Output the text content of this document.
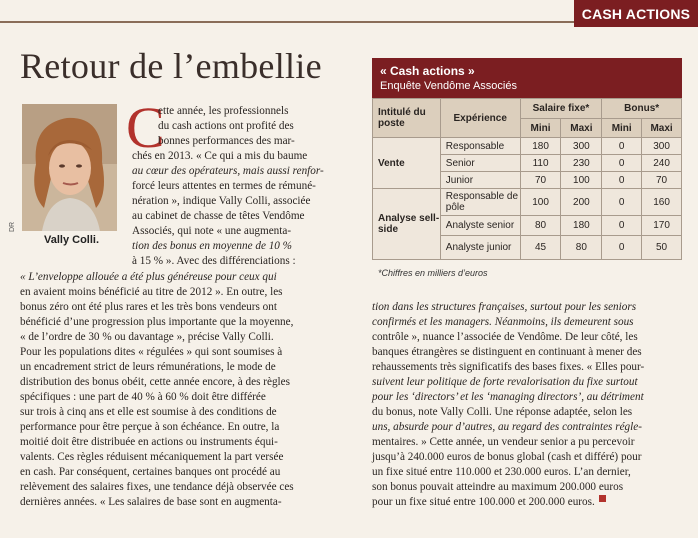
CASH ACTIONS
Retour de l’embellie
DR
Vally Colli.
C
ette année, les professionnels
du cash actions ont profité des
bonnes performances des mar-
chés en 2013. « Ce qui a mis du baume
au cœur des opérateurs, mais aussi renfor-
forcé leurs attentes en termes de rémuné-
nération », indique Vally Colli, associée
au cabinet de chasse de têtes Vendôme
Associés, qui note « une augmenta-
tion des bonus en moyenne de 10 %
à 15 % ». Avec des différenciations :
« L’enveloppe allouée a été plus généreuse pour ceux qui
en avaient moins bénéficié au titre de 2012 ». En outre, les
bonus zéro ont été plus rares et les très bons vendeurs ont
bénéficié d’une progression plus importante que la moyenne,
« de l’ordre de 30 % ou davantage », précise Vally Colli.
Pour les populations dites « régulées » qui sont soumises à
un encadrement strict de leurs rémunérations, le mode de
distribution des bonus obéit, cette année encore, à des règles
spécifiques : une part de 40 % à 60 % doit être différée
sur trois à cinq ans et elle est soumise à des conditions de
performance pour être perçue à son échéance. En outre, la
moitié doit être distribuée en actions ou instruments équi-
valents. Ces règles réduisent mécaniquement la part versée
en cash. Par conséquent, certaines banques ont procédé au
relèvement des salaires fixes, une tendance déjà observée ces
dernières années. « Les salaires de base sont en augmenta-
tion dans les structures françaises, surtout pour les seniors
confirmés et les managers. Néanmoins, ils demeurent sous
contrôle », nuance l’associée de Vendôme. De leur côté, les
banques étrangères se distinguent en continuant à mener des
rehaussements très significatifs des bases fixes. « Elles pour-
suivent leur politique de forte revalorisation du fixe surtout
pour les ‘directors’ et les ‘managing directors’, au détriment
du bonus, note Vally Colli. Une réponse adaptée, selon les
uns, absurde pour d’autres, au regard des contraintes régle-
mentaires. » Cette année, un vendeur senior a pu percevoir
jusqu’à 240.000 euros de bonus global (cash et différé) pour
un fixe situé entre 110.000 et 230.000 euros. L’an dernier,
son bonus pouvait atteindre au maximum 200.000 euros
pour un fixe situé entre 100.000 et 200.000 euros.
« Cash actions »
Enquête Vendôme Associés
Intitulé du poste	Expérience	Salaire fixe*		Bonus*	
		Mini	Maxi	Mini	Maxi
Vente	Responsable	180	300	0	300
	Senior	110	230	0	240
	Junior	70	100	0	70
Analyse sell-side	Responsable de pôle	100	200	0	160
	Analyste senior	80	180	0	170
	Analyste junior	45	80	0	50
*Chiffres en milliers d’euros
